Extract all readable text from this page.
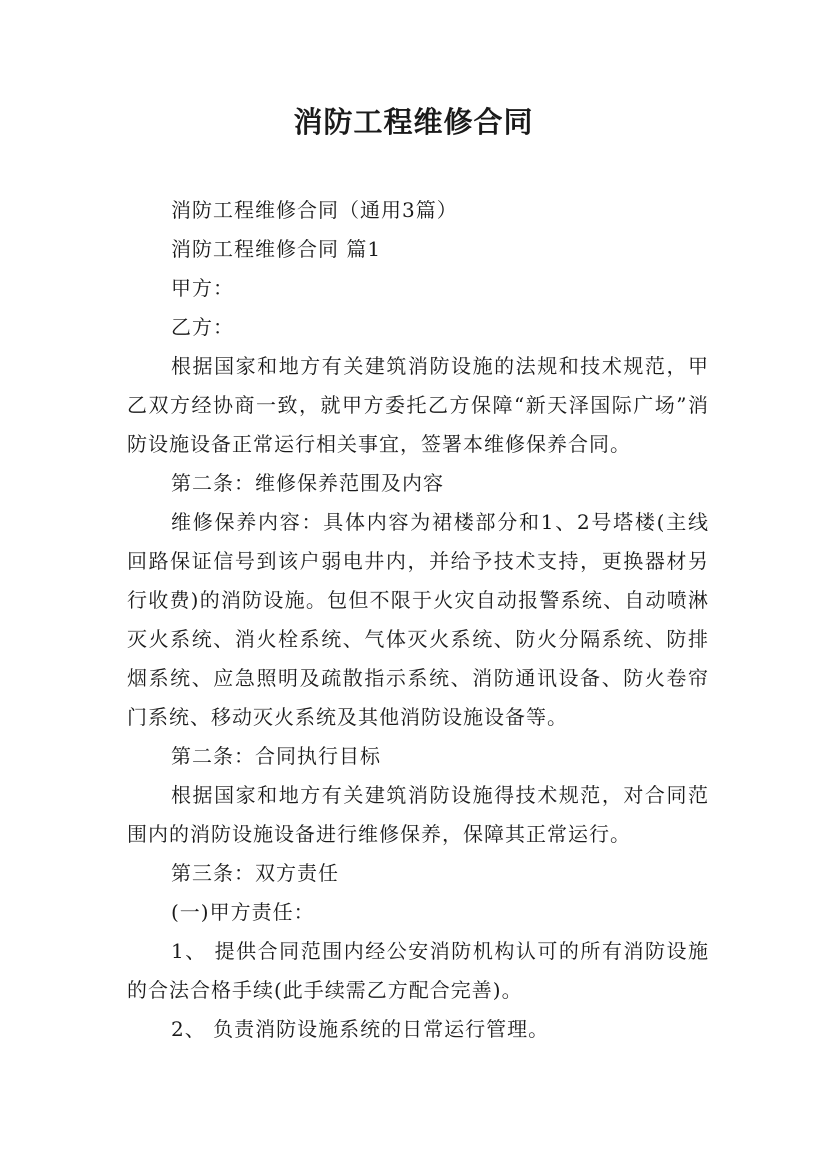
消防工程维修合同

消防工程维修合同（通用3篇）

消防工程维修合同 篇1

甲方：

乙方：

根据国家和地方有关建筑消防设施的法规和技术规范，甲乙双方经协商一致，就甲方委托乙方保障“新天泽国际广场”消防设施设备正常运行相关事宜，签署本维修保养合同。

第二条：维修保养范围及内容

维修保养内容：具体内容为裙楼部分和1、2号塔楼(主线回路保证信号到该户弱电井内，并给予技术支持，更换器材另行收费)的消防设施。包但不限于火灾自动报警系统、自动喷淋灭火系统、消火栓系统、气体灭火系统、防火分隔系统、防排烟系统、应急照明及疏散指示系统、消防通讯设备、防火卷帘门系统、移动灭火系统及其他消防设施设备等。

第二条：合同执行目标

根据国家和地方有关建筑消防设施得技术规范，对合同范围内的消防设施设备进行维修保养，保障其正常运行。

第三条：双方责任

(一)甲方责任：

1、 提供合同范围内经公安消防机构认可的所有消防设施的合法合格手续(此手续需乙方配合完善)。

2、 负责消防设施系统的日常运行管理。
